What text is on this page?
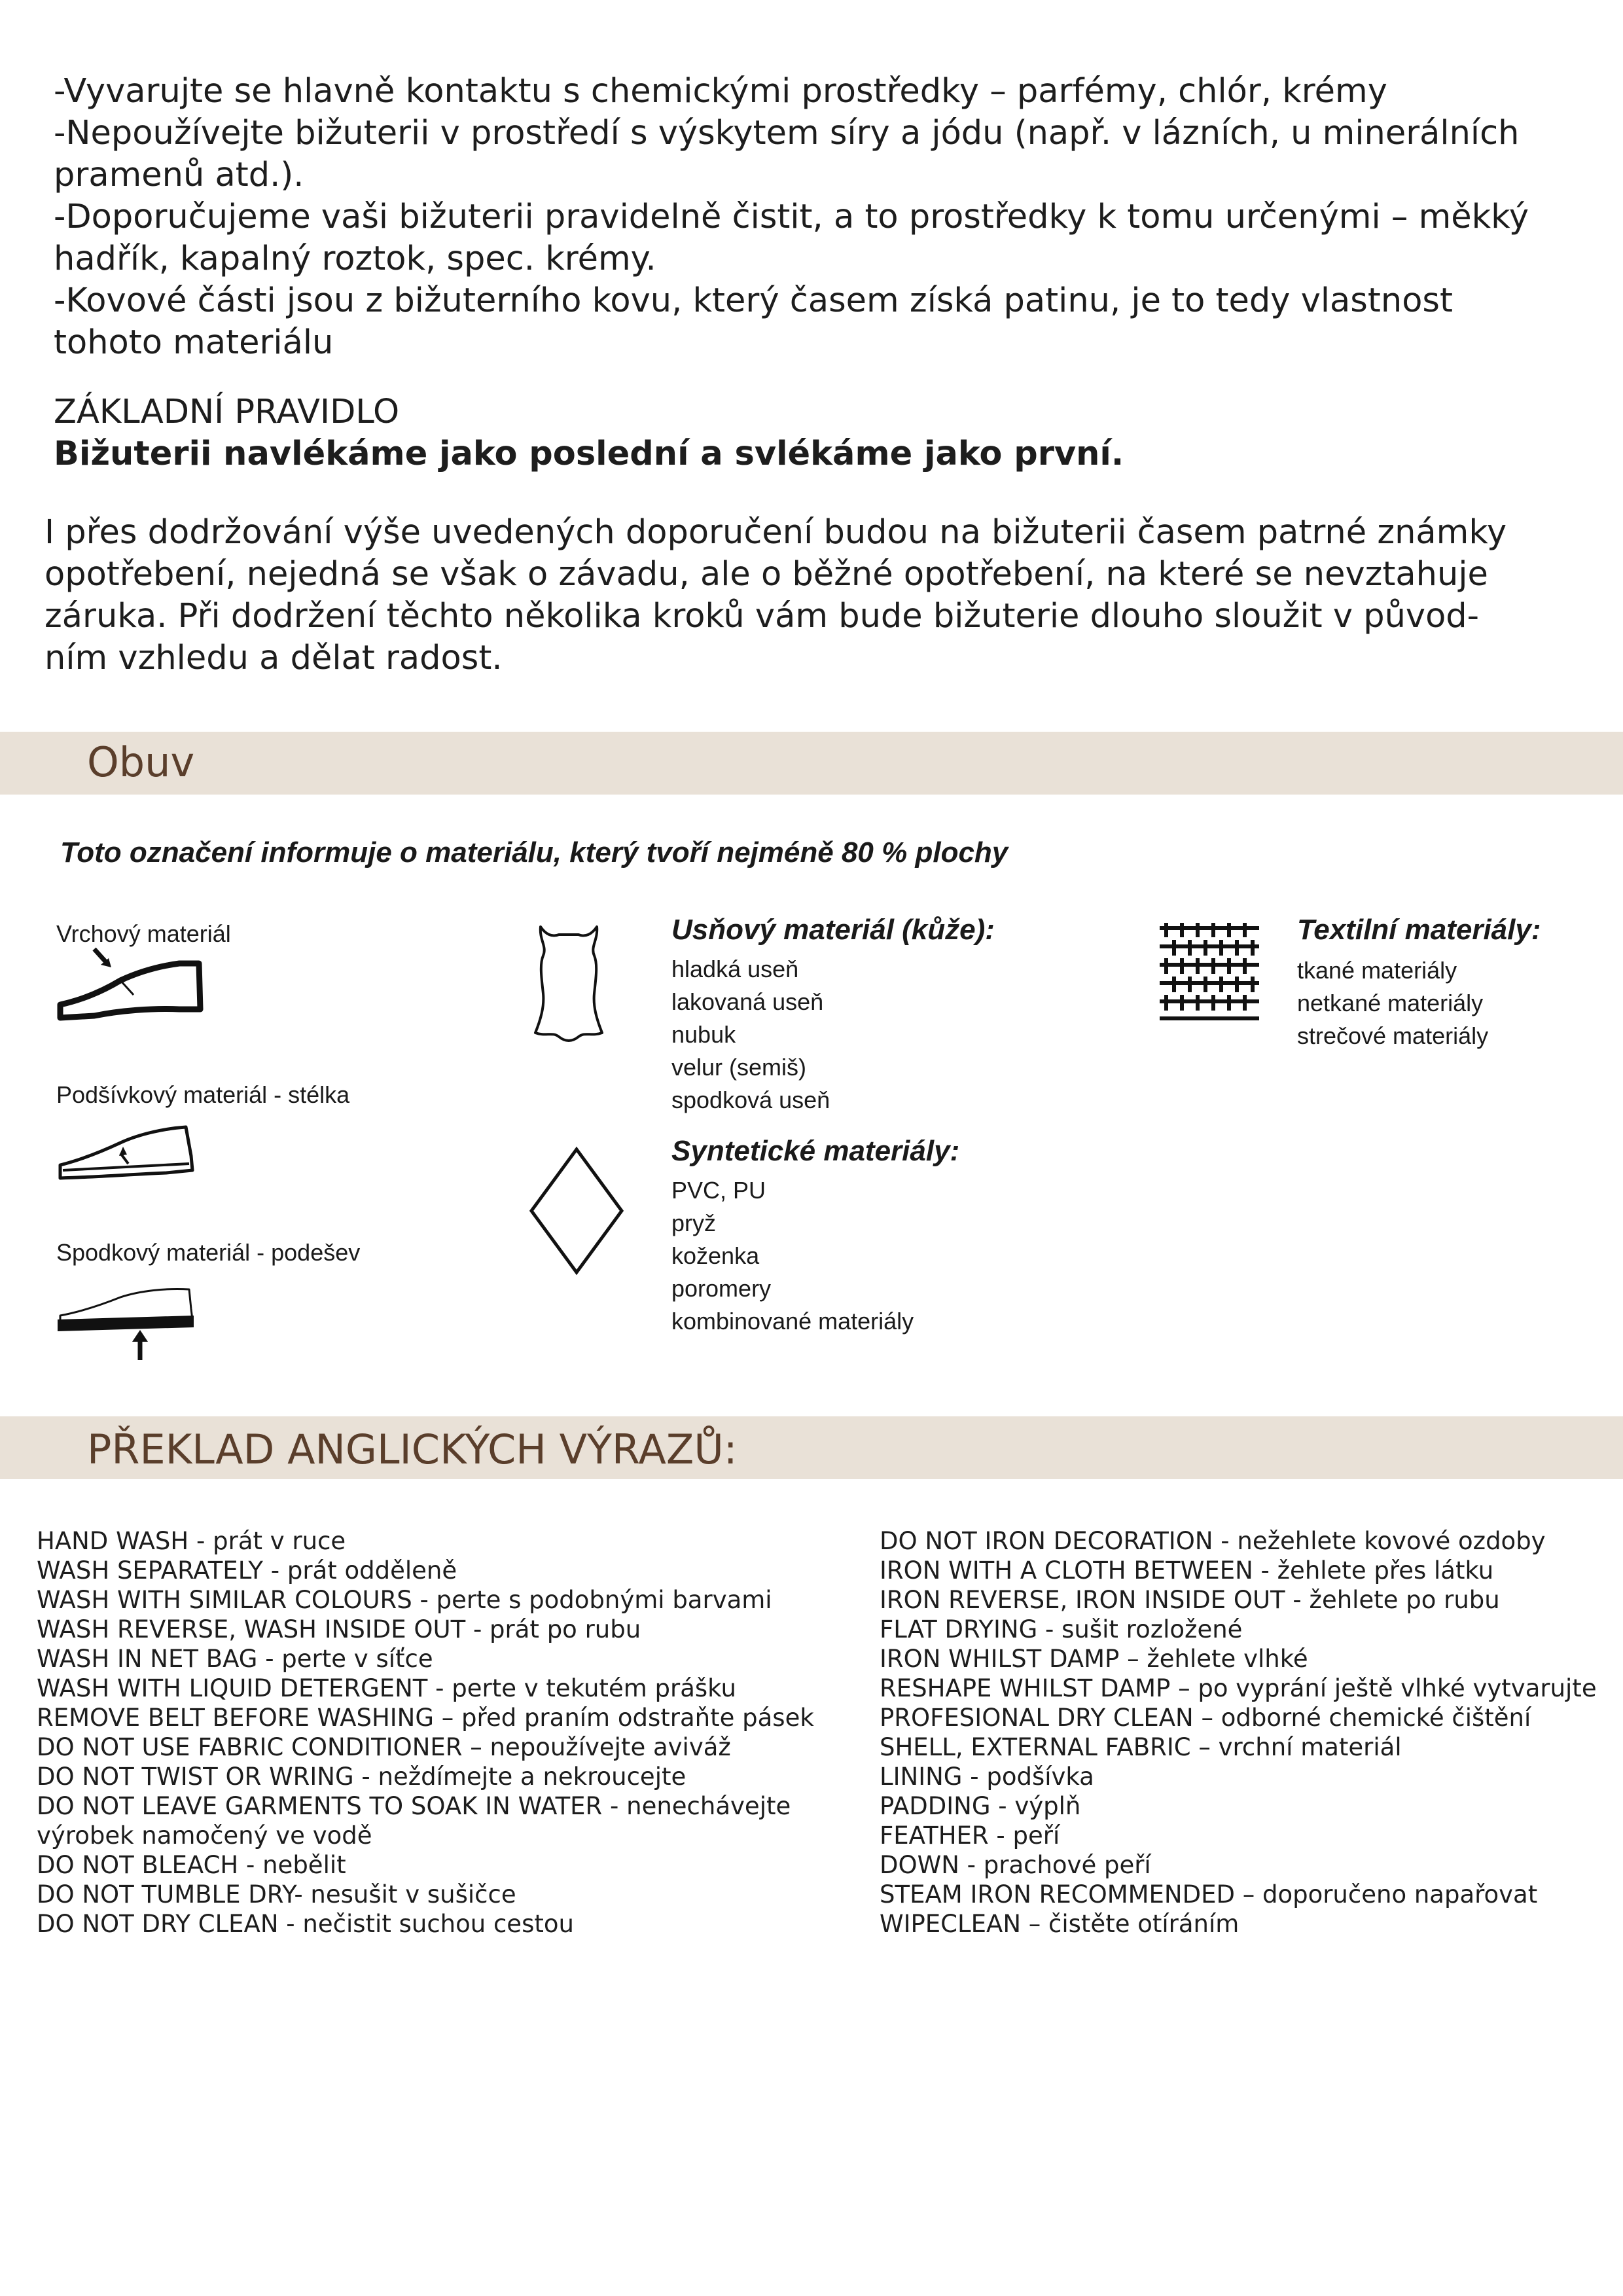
-Vyvarujte se hlavně kontaktu s chemickými prostředky – parfémy, chlór, krémy
-Nepoužívejte bižuterii v prostředí s výskytem síry a jódu (např. v lázních, u minerálních
pramenů atd.).
-Doporučujeme vaši bižuterii pravidelně čistit, a to prostředky k tomu určenými – měkký
hadřík, kapalný roztok, spec. krémy.
-Kovové části jsou z bižuterního kovu, který časem získá patinu, je to tedy vlastnost
tohoto materiálu
ZÁKLADNÍ PRAVIDLO
Bižuterii navlékáme jako poslední a svlékáme jako první.
I přes dodržování výše uvedených doporučení budou na bižuterii časem patrné známky
opotřebení, nejedná se však o závadu, ale o běžné opotřebení, na které se nevztahuje
záruka. Při dodržení těchto několika kroků vám bude bižuterie dlouho sloužit v původ-
ním vzhledu a dělat radost.
Obuv
Toto označení informuje o materiálu, který tvoří nejméně 80 % plochy
Vrchový materiál
Podšívkový materiál - stélka
Spodkový materiál - podešev
Usňový materiál (kůže):
hladká useň
lakovaná useň
nubuk
velur (semiš)
spodková useň
Syntetické materiály:
PVC, PU
pryž
koženka
poromery
kombinované materiály
Textilní materiály:
tkané materiály
netkané materiály
strečové materiály
PŘEKLAD ANGLICKÝCH VÝRAZŮ:
HAND WASH - prát v ruce
WASH SEPARATELY - prát odděleně
WASH WITH SIMILAR COLOURS - perte s podobnými barvami
WASH REVERSE, WASH INSIDE OUT - prát po rubu
WASH IN NET BAG - perte v síťce
WASH WITH LIQUID DETERGENT - perte v tekutém prášku
REMOVE BELT BEFORE WASHING – před praním odstraňte pásek
DO NOT USE FABRIC CONDITIONER – nepoužívejte aviváž
DO NOT TWIST OR WRING - neždímejte a nekroucejte
DO NOT LEAVE GARMENTS TO SOAK IN WATER - nenechávejte
výrobek namočený ve vodě
DO NOT BLEACH - nebělit
DO NOT TUMBLE DRY- nesušit v sušičce
DO NOT DRY CLEAN - nečistit suchou cestou
DO NOT IRON DECORATION - nežehlete kovové ozdoby
IRON WITH A CLOTH BETWEEN - žehlete přes látku
IRON REVERSE, IRON INSIDE OUT - žehlete po rubu
FLAT DRYING - sušit rozložené
IRON WHILST DAMP – žehlete vlhké
RESHAPE WHILST DAMP – po vyprání ještě vlhké vytvarujte
PROFESIONAL DRY CLEAN – odborné chemické čištění
SHELL, EXTERNAL FABRIC – vrchní materiál
LINING - podšívka
PADDING - výplň
FEATHER - peří
DOWN - prachové peří
STEAM IRON RECOMMENDED – doporučeno napařovat
WIPECLEAN – čistěte otíráním
